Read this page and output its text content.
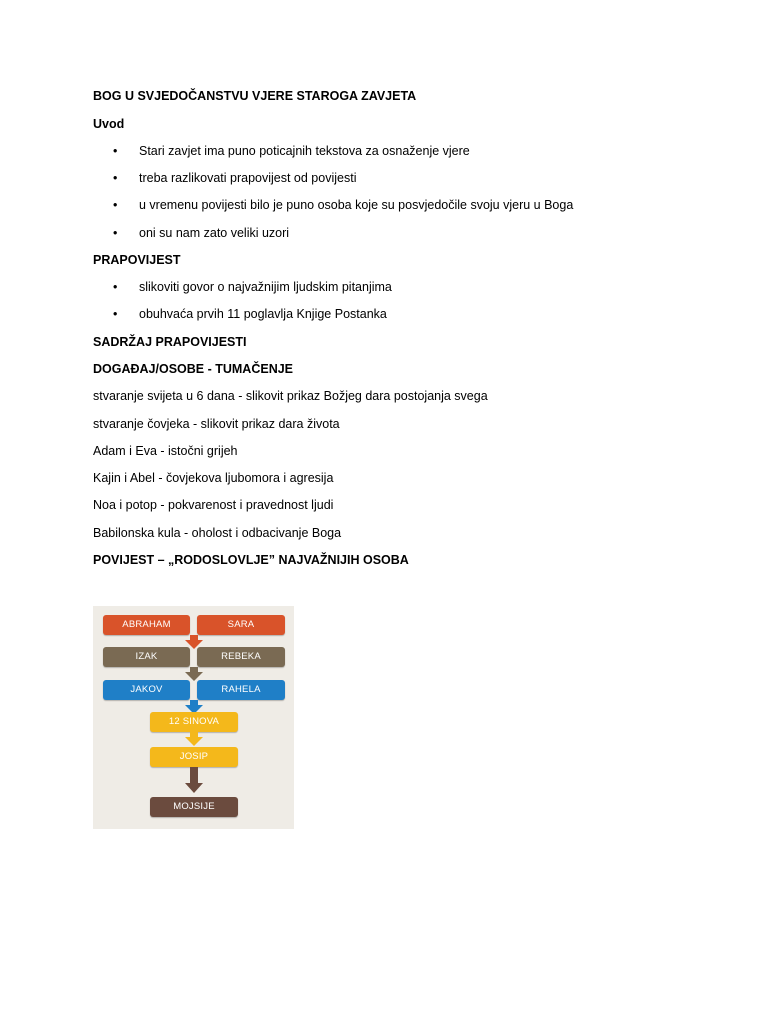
BOG U SVJEDOČANSTVU VJERE STAROGA ZAVJETA

Uvod

• Stari zavjet ima puno poticajnih tekstova za osnaženje vjere
• treba razlikovati prapovijest od povijesti
• u vremenu povijesti bilo je puno osoba koje su posvjedočile svoju vjeru u Boga
• oni su nam zato veliki uzori

PRAPOVIJEST

• slikoviti govor o najvažnijim ljudskim pitanjima
• obuhvaća prvih 11 poglavlja Knjige Postanka

SADRŽAJ PRAPOVIJESTI

DOGAĐAJ/OSOBE - TUMAČENJE

stvaranje svijeta u 6 dana - slikovit prikaz Božjeg dara postojanja svega

stvaranje čovjeka - slikovit prikaz dara života

Adam i Eva - istočni grijeh

Kajin i Abel - čovjekova ljubomora i agresija

Noa i potop - pokvarenost i pravednost ljudi

Babilonska kula - oholost i odbacivanje Boga

POVIJEST – „RODOSLOVLJE” NAJVAŽNIJIH OSOBA

ABRAHAM	SARA
IZAK	REBEKA
JAKOV	RAHELA
12 SINOVA
JOSIP
MOJSIJE
